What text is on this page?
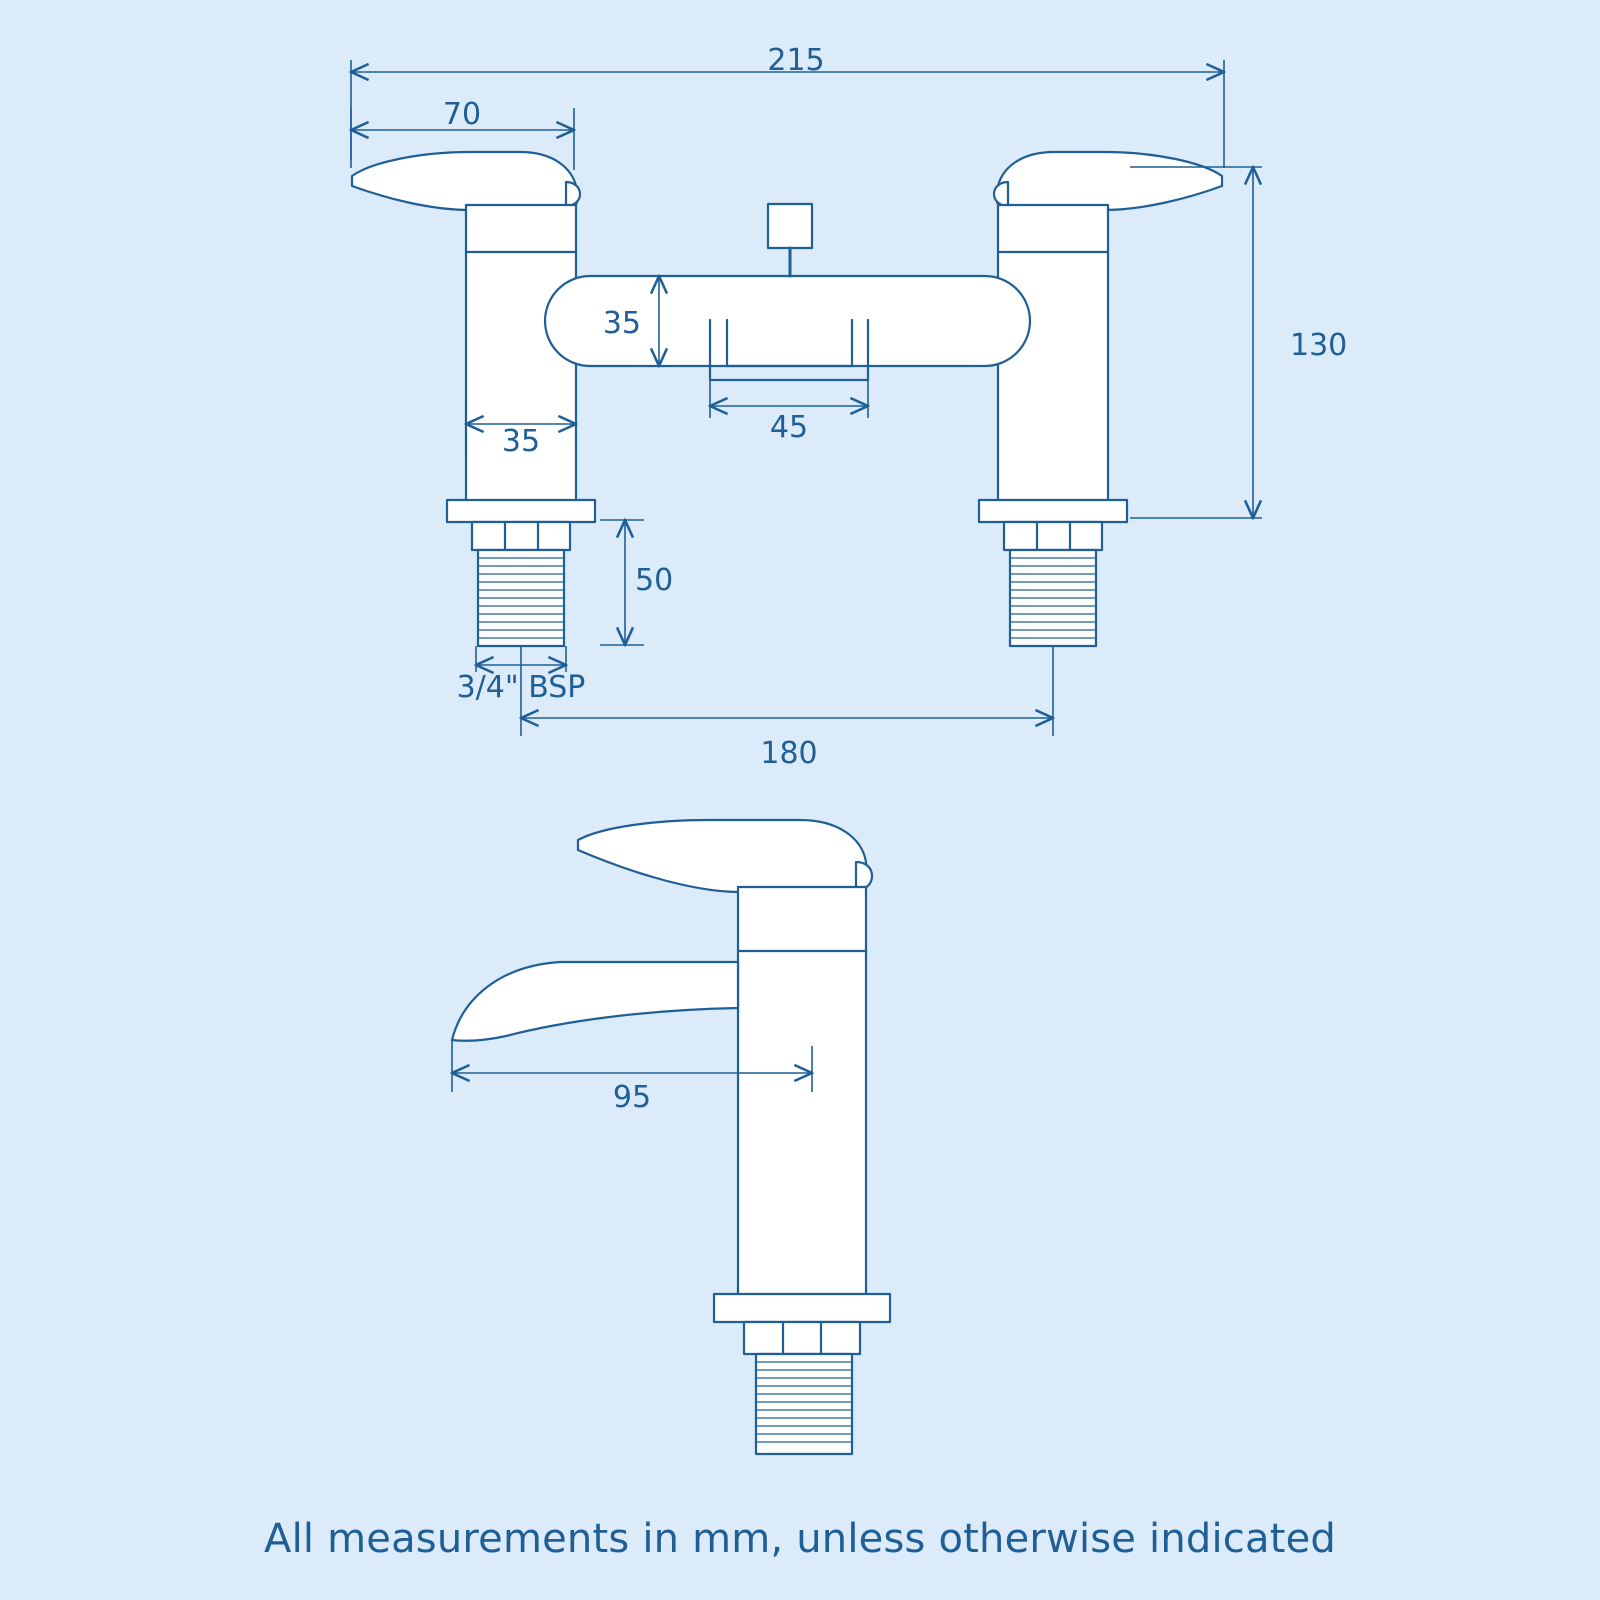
215
70
35
35	45
130
50
3/4" BSP
180
95
All measurements in mm, unless otherwise indicated
